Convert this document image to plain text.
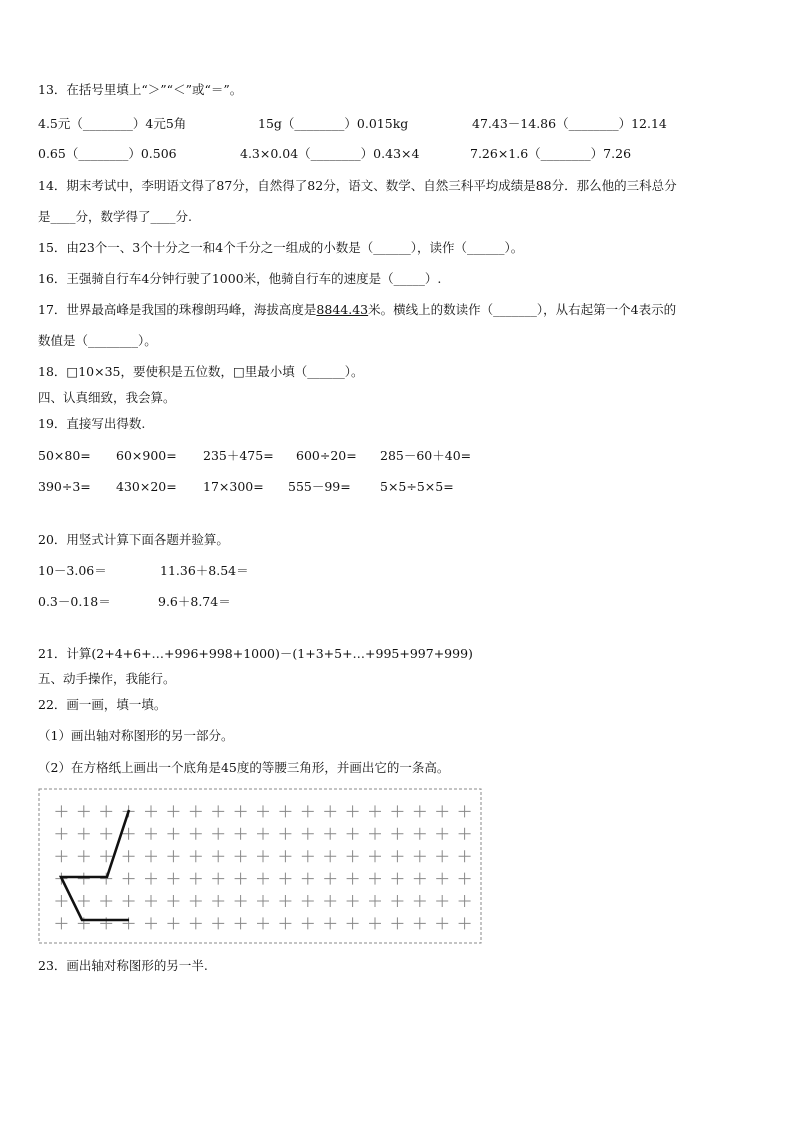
13．在括号里填上“＞”“＜”或“＝”。
4.5元（________）4元5角	15g（________）0.015kg	47.43－14.86（________）12.14
0.65（________）0.506	4.3×0.04（________）0.43×4	7.26×1.6（________）7.26
14．期末考试中，李明语文得了87分，自然得了82分，语文、数学、自然三科平均成绩是88分．那么他的三科总分
是____分，数学得了____分.
15．由23个一、3个十分之一和4个千分之一组成的小数是（______），读作（______）。
16．王强骑自行车4分钟行驶了1000米，他骑自行车的速度是（_____）.
17．世界最高峰是我国的珠穆朗玛峰，海拔高度是8844.43米。横线上的数读作（_______），从右起第一个4表示的
数值是（________）。
18．□10×35，要使积是五位数，□里最小填（______）。
四、认真细致，我会算。
19．直接写出得数.
50×80= 60×900= 235＋475= 600÷20= 285－60＋40=
390÷3= 430×20= 17×300= 555－99= 5×5÷5×5=
20．用竖式计算下面各题并验算。
10－3.06＝	11.36＋8.54＝
0.3－0.18＝	9.6＋8.74＝
21．计算(2+4+6+…+996+998+1000)－(1+3+5+…+995+997+999)
五、动手操作，我能行。
22．画一画，填一填。
（1）画出轴对称图形的另一部分。
（2）在方格纸上画出一个底角是45度的等腰三角形，并画出它的一条高。
23．画出轴对称图形的另一半.
